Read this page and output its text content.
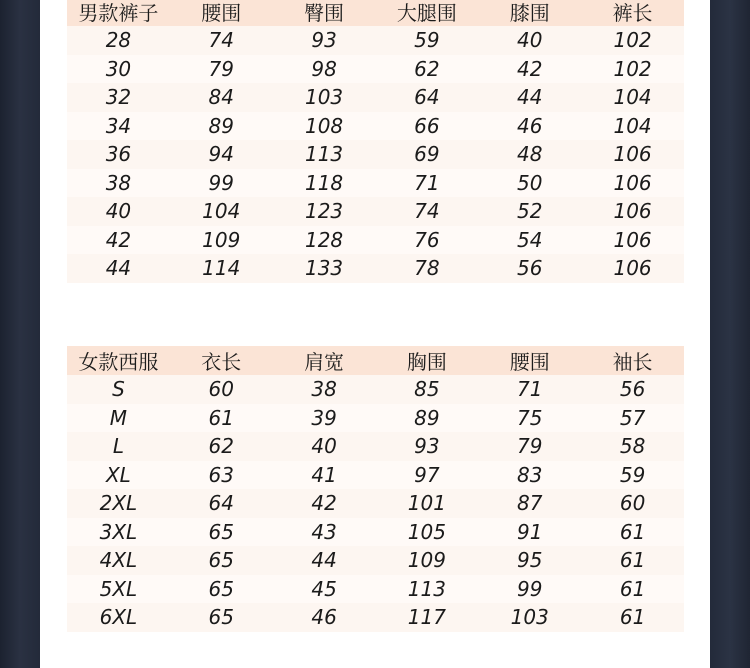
男款裤子	腰围	臀围	大腿围	膝围	裤长
28	74	93	59	40	102
30	79	98	62	42	102
32	84	103	64	44	104
34	89	108	66	46	104
36	94	113	69	48	106
38	99	118	71	50	106
40	104	123	74	52	106
42	109	128	76	54	106
44	114	133	78	56	106
女款西服	衣长	肩宽	胸围	腰围	袖长
S	60	38	85	71	56
M	61	39	89	75	57
L	62	40	93	79	58
XL	63	41	97	83	59
2XL	64	42	101	87	60
3XL	65	43	105	91	61
4XL	65	44	109	95	61
5XL	65	45	113	99	61
6XL	65	46	117	103	61
